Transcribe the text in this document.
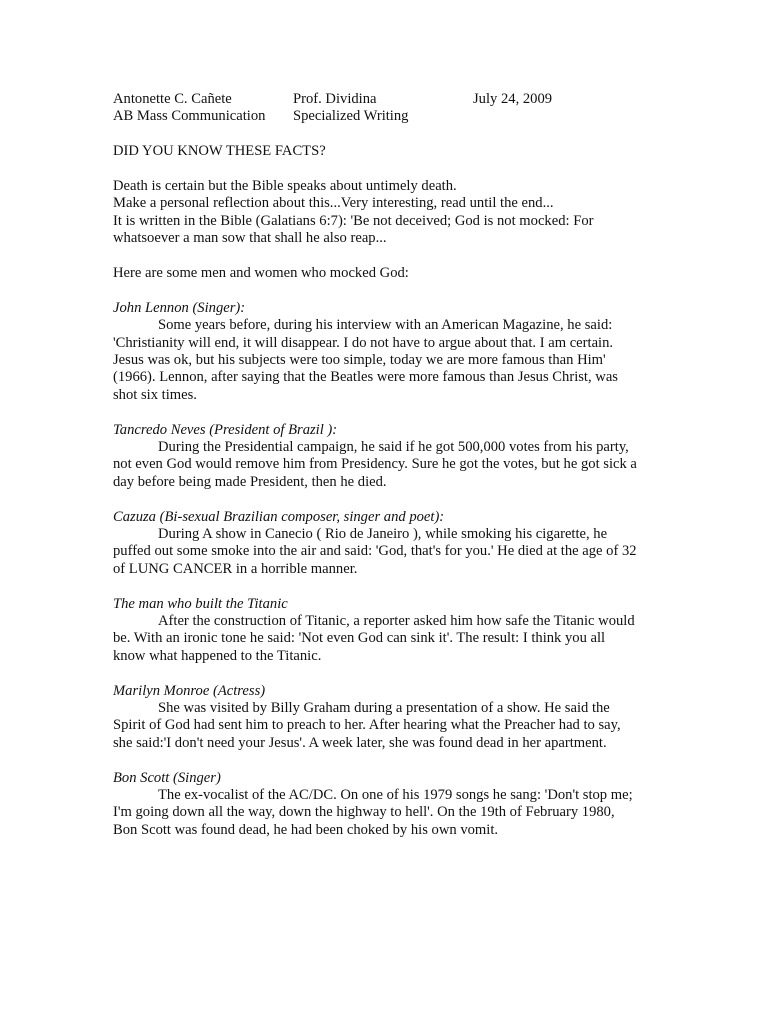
Antonette C. Cañete	Prof. Dividina	July 24, 2009
AB Mass Communication Specialized Writing

DID YOU KNOW THESE FACTS?

Death is certain but the Bible speaks about untimely death.
Make a personal reflection about this...Very interesting, read until the end...
It is written in the Bible (Galatians 6:7): 'Be not deceived; God is not mocked: For
whatsoever a man sow that shall he also reap...

Here are some men and women who mocked God:

John Lennon (Singer):

Some years before, during his interview with an American Magazine, he said:
'Christianity will end, it will disappear. I do not have to argue about that. I am certain.
Jesus was ok, but his subjects were too simple, today we are more famous than Him'
(1966). Lennon, after saying that the Beatles were more famous than Jesus Christ, was
shot six times.

Tancredo Neves (President of Brazil ):

During the Presidential campaign, he said if he got 500,000 votes from his party,
not even God would remove him from Presidency. Sure he got the votes, but he got sick a
day before being made President, then he died.

Cazuza (Bi-sexual Brazilian composer, singer and poet):

During A show in Canecio ( Rio de Janeiro ), while smoking his cigarette, he
puffed out some smoke into the air and said: 'God, that's for you.' He died at the age of 32
of LUNG CANCER in a horrible manner.

The man who built the Titanic

After the construction of Titanic, a reporter asked him how safe the Titanic would
be. With an ironic tone he said: 'Not even God can sink it'. The result: I think you all
know what happened to the Titanic.

Marilyn Monroe (Actress)

She was visited by Billy Graham during a presentation of a show. He said the
Spirit of God had sent him to preach to her. After hearing what the Preacher had to say,
she said:'I don't need your Jesus'. A week later, she was found dead in her apartment.

Bon Scott (Singer)

The ex-vocalist of the AC/DC. On one of his 1979 songs he sang: 'Don't stop me;
I'm going down all the way, down the highway to hell'. On the 19th of February 1980,
Bon Scott was found dead, he had been choked by his own vomit.
